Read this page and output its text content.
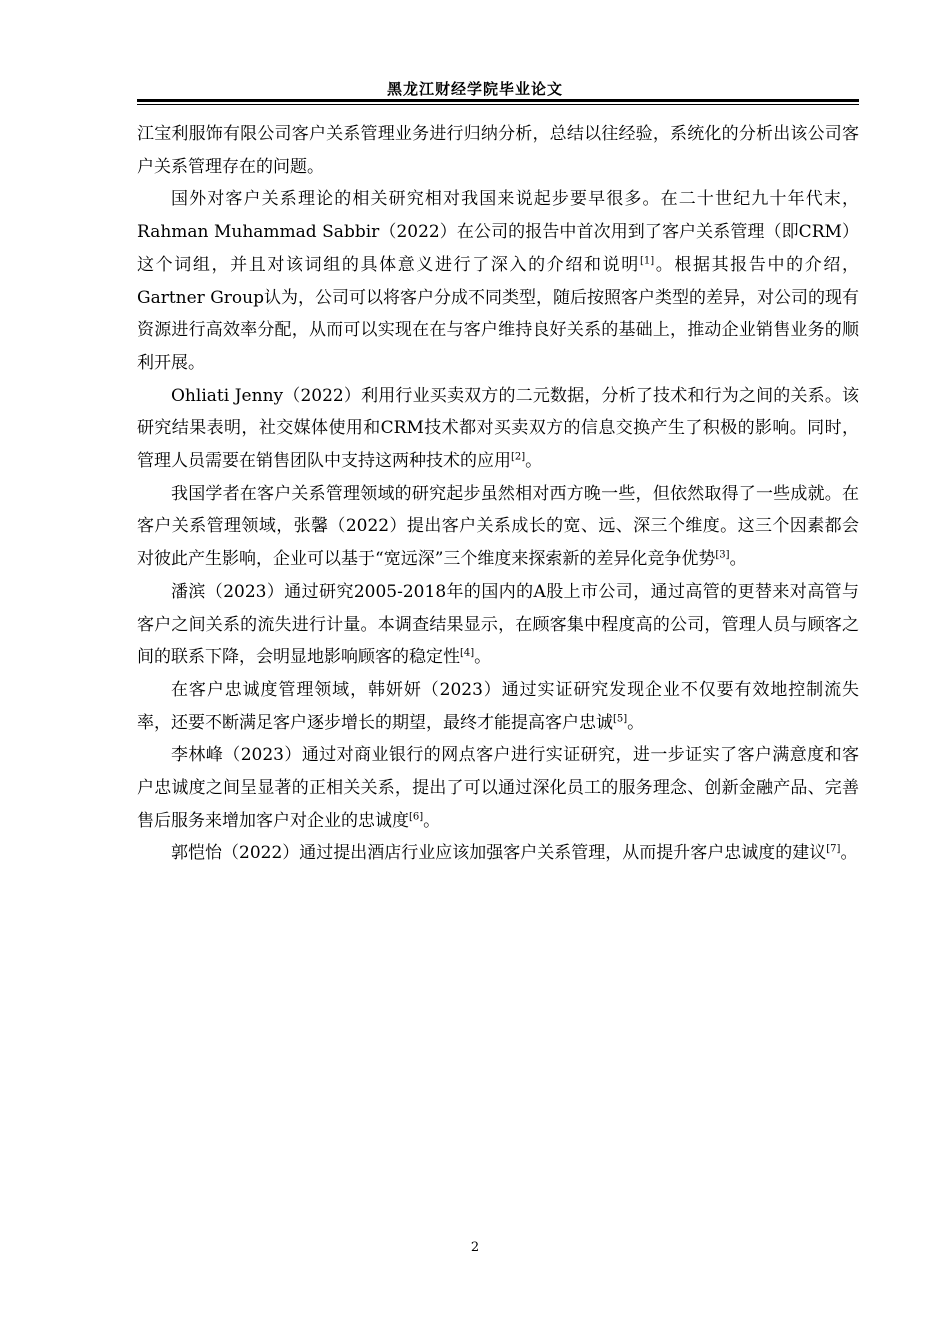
黑龙江财经学院毕业论文

江宝利服饰有限公司客户关系管理业务进行归纳分析，总结以往经验，系统化的分析出该公司客户关系管理存在的问题。

国外对客户关系理论的相关研究相对我国来说起步要早很多。在二十世纪九十年代末，Rahman Muhammad Sabbir（2022）在公司的报告中首次用到了客户关系管理（即CRM）这个词组，并且对该词组的具体意义进行了深入的介绍和说明[1]。根据其报告中的介绍，Gartner Group认为，公司可以将客户分成不同类型，随后按照客户类型的差异，对公司的现有资源进行高效率分配，从而可以实现在在与客户维持良好关系的基础上，推动企业销售业务的顺利开展。

Ohliati Jenny（2022）利用行业买卖双方的二元数据，分析了技术和行为之间的关系。该研究结果表明，社交媒体使用和CRM技术都对买卖双方的信息交换产生了积极的影响。同时，管理人员需要在销售团队中支持这两种技术的应用[2]。

我国学者在客户关系管理领域的研究起步虽然相对西方晚一些，但依然取得了一些成就。在客户关系管理领域，张馨（2022）提出客户关系成长的宽、远、深三个维度。这三个因素都会对彼此产生影响，企业可以基于“宽远深”三个维度来探索新的差异化竞争优势[3]。

潘滨（2023）通过研究2005-2018年的国内的A股上市公司，通过高管的更替来对高管与客户之间关系的流失进行计量。本调查结果显示，在顾客集中程度高的公司，管理人员与顾客之间的联系下降，会明显地影响顾客的稳定性[4]。

在客户忠诚度管理领域，韩妍妍（2023）通过实证研究发现企业不仅要有效地控制流失率，还要不断满足客户逐步增长的期望，最终才能提高客户忠诚[5]。

李林峰（2023）通过对商业银行的网点客户进行实证研究，进一步证实了客户满意度和客户忠诚度之间呈显著的正相关关系，提出了可以通过深化员工的服务理念、创新金融产品、完善售后服务来增加客户对企业的忠诚度[6]。

郭恺怡（2022）通过提出酒店行业应该加强客户关系管理，从而提升客户忠诚度的建议[7]。

2
